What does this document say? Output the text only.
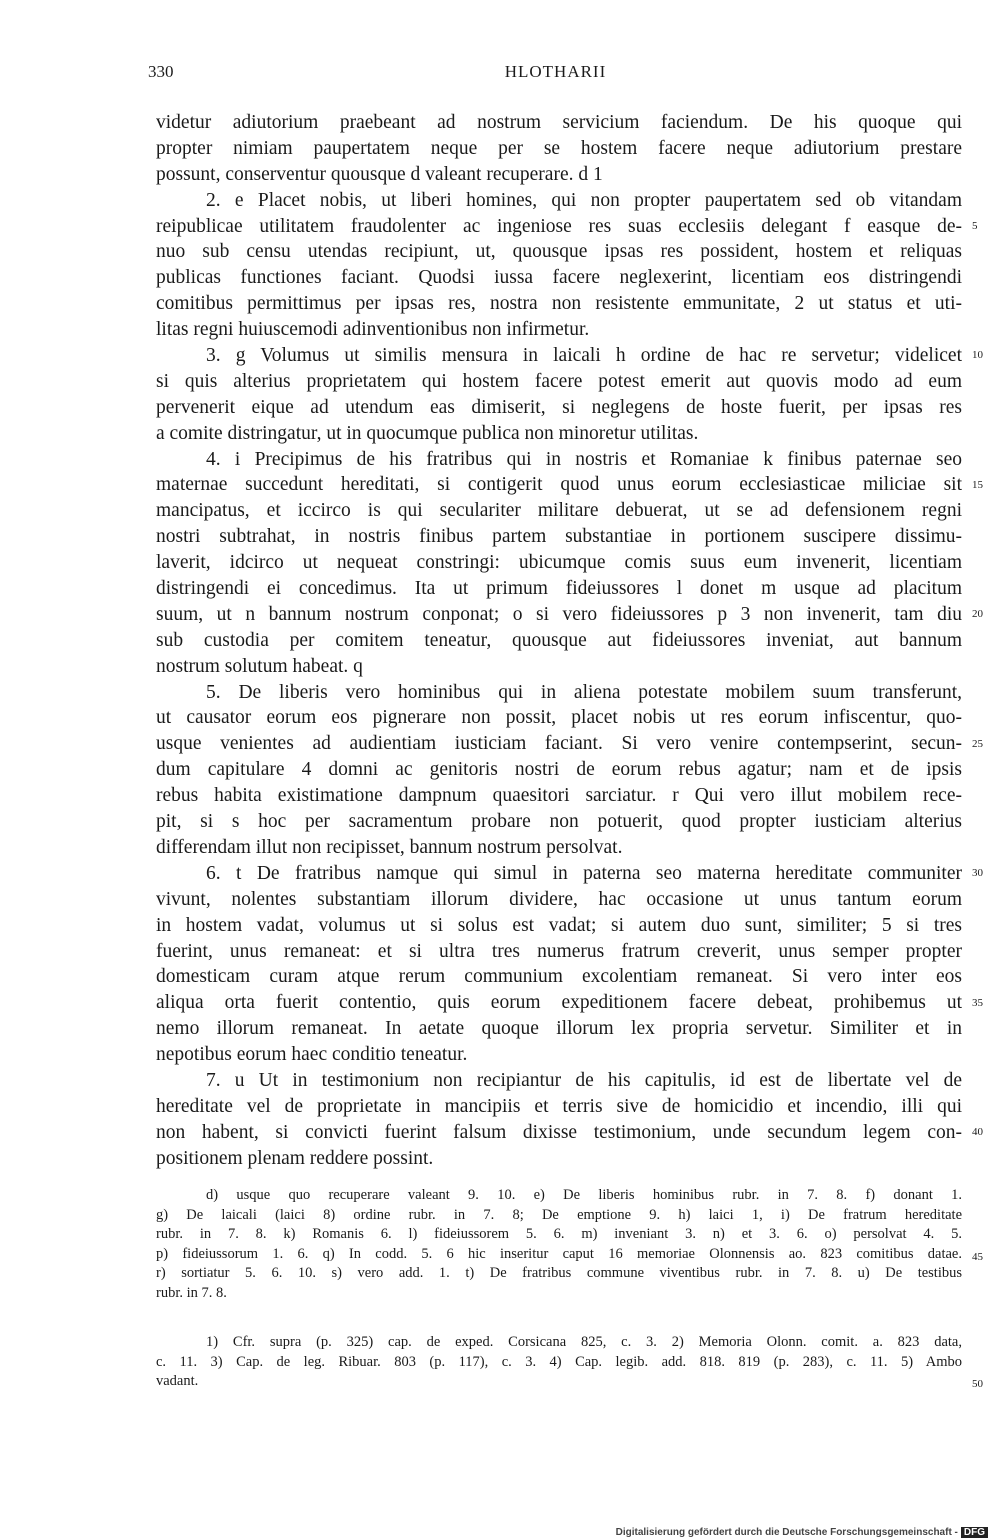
330	HLOTHARII
videtur adiutorium praebeant ad nostrum servicium faciendum. De his quoque qui
propter nimiam paupertatem neque per se hostem facere neque adiutorium prestare
possunt, conserventur quousque d valeant recuperare. d 1
2. e Placet nobis, ut liberi homines, qui non propter paupertatem sed ob vitandam
reipublicae utilitatem fraudolenter ac ingeniose res suas ecclesiis delegant f easque de-
nuo sub censu utendas recipiunt, ut, quousque ipsas res possident, hostem et reliquas
publicas functiones faciant. Quodsi iussa facere neglexerint, licentiam eos distringendi
comitibus permittimus per ipsas res, nostra non resistente emmunitate, 2 ut status et uti-
litas regni huiuscemodi adinventionibus non infirmetur.
3. g Volumus ut similis mensura in laicali h ordine de hac re servetur; videlicet
si quis alterius proprietatem qui hostem facere potest emerit aut quovis modo ad eum
pervenerit eique ad utendum eas dimiserit, si neglegens de hoste fuerit, per ipsas res
a comite distringatur, ut in quocumque publica non minoretur utilitas.
4. i Precipimus de his fratribus qui in nostris et Romaniae k finibus paternae seo
maternae succedunt hereditati, si contigerit quod unus eorum ecclesiasticae miliciae sit
mancipatus, et iccirco is qui seculariter militare debuerat, ut se ad defensionem regni
nostri subtrahat, in nostris finibus partem substantiae in portionem suscipere dissimu-
laverit, idcirco ut nequeat constringi: ubicumque comis suus eum invenerit, licentiam
distringendi ei concedimus. Ita ut primum fideiussores l donet m usque ad placitum
suum, ut n bannum nostrum conponat; o si vero fideiussores p 3 non invenerit, tam diu
sub custodia per comitem teneatur, quousque aut fideiussores inveniat, aut bannum
nostrum solutum habeat. q
5. De liberis vero hominibus qui in aliena potestate mobilem suum transferunt,
ut causator eorum eos pignerare non possit, placet nobis ut res eorum infiscentur, quo-
usque venientes ad audientiam iusticiam faciant. Si vero venire contempserint, secun-
dum capitulare 4 domni ac genitoris nostri de eorum rebus agatur; nam et de ipsis
rebus habita existimatione dampnum quaesitori sarciatur. r Qui vero illut mobilem rece-
pit, si s hoc per sacramentum probare non potuerit, quod propter iusticiam alterius
differendam illut non recipisset, bannum nostrum persolvat.
6. t De fratribus namque qui simul in paterna seo materna hereditate communiter
vivunt, nolentes substantiam illorum dividere, hac occasione ut unus tantum eorum
in hostem vadat, volumus ut si solus est vadat; si autem duo sunt, similiter; 5 si tres
fuerint, unus remaneat: et si ultra tres numerus fratrum creverit, unus semper propter
domesticam curam atque rerum communium excolentiam remaneat. Si vero inter eos
aliqua orta fuerit contentio, quis eorum expeditionem facere debeat, prohibemus ut
nemo illorum remaneat. In aetate quoque illorum lex propria servetur. Similiter et in
nepotibus eorum haec conditio teneatur.
7. u Ut in testimonium non recipiantur de his capitulis, id est de libertate vel de
hereditate vel de proprietate in mancipiis et terris sive de homicidio et incendio, illi qui
non habent, si convicti fuerint falsum dixisse testimonium, unde secundum legem con-
positionem plenam reddere possint.
d) usque quo recuperare valeant 9. 10. e) De liberis hominibus rubr. in 7. 8. f) donant 1.
g) De laicali (laici 8) ordine rubr. in 7. 8; De emptione 9. h) laici 1, i) De fratrum hereditate
rubr. in 7. 8. k) Romanis 6. l) fideiussorem 5. 6. m) inveniant 3. n) et 3. 6. o) persolvat 4. 5.
p) fideiussorum 1. 6. q) In codd. 5. 6 hic inseritur caput 16 memoriae Olonnensis ao. 823 comitibus datae.
r) sortiatur 5. 6. 10. s) vero add. 1. t) De fratribus commune viventibus rubr. in 7. 8. u) De testibus
rubr. in 7. 8.
1) Cfr. supra (p. 325) cap. de exped. Corsicana 825, c. 3. 2) Memoria Olonn. comit. a. 823 data,
c. 11. 3) Cap. de leg. Ribuar. 803 (p. 117), c. 3. 4) Cap. legib. add. 818. 819 (p. 283), c. 11. 5) Ambo
vadant.
Digitalisierung gefördert durch die Deutsche Forschungsgemeinschaft - DFG
5
10
15
20
25
30
35
40
45
50
